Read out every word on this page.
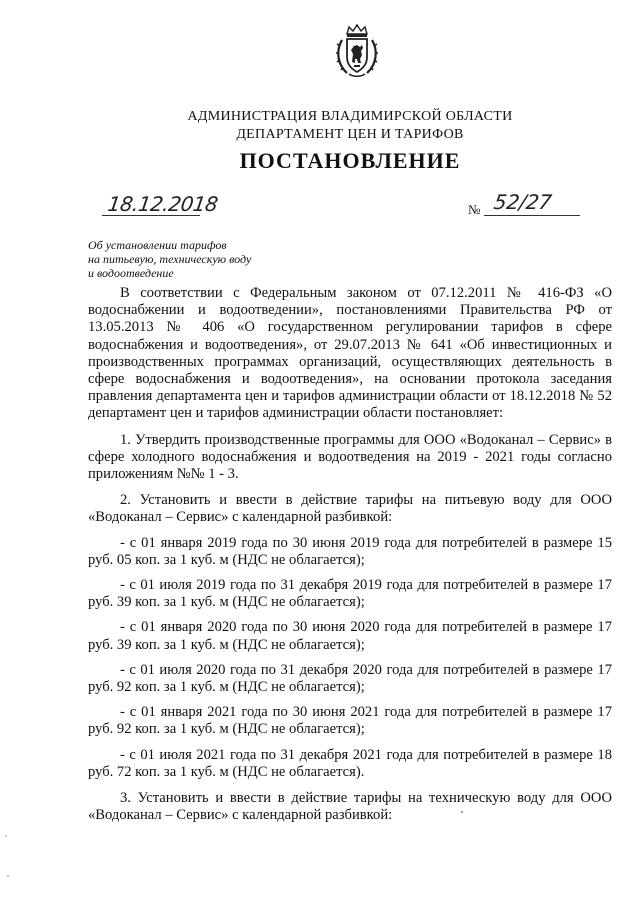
АДМИНИСТРАЦИЯ ВЛАДИМИРСКОЙ ОБЛАСТИ
ДЕПАРТАМЕНТ ЦЕН И ТАРИФОВ
ПОСТАНОВЛЕНИЕ
18.12.2018	№ 52/27
Об установлении тарифов
на питьевую, техническую воду
и водоотведение

В соответствии с Федеральным законом от 07.12.2011 № 416-ФЗ «О водоснабжении и водоотведении», постановлениями Правительства РФ от 13.05.2013 № 406 «О государственном регулировании тарифов в сфере водоснабжения и водоотведения», от 29.07.2013 № 641 «Об инвестиционных и производственных программах организаций, осуществляющих деятельность в сфере водоснабжения и водоотведения», на основании протокола заседания правления департамента цен и тарифов администрации области от 18.12.2018 № 52 департамент цен и тарифов администрации области постановляет:

1. Утвердить производственные программы для ООО «Водоканал – Сервис» в сфере холодного водоснабжения и водоотведения на 2019 - 2021 годы согласно приложениям №№ 1 - 3.

2. Установить и ввести в действие тарифы на питьевую воду для ООО «Водоканал – Сервис» с календарной разбивкой:

- с 01 января 2019 года по 30 июня 2019 года для потребителей в размере 15 руб. 05 коп. за 1 куб. м (НДС не облагается);

- с 01 июля 2019 года по 31 декабря 2019 года для потребителей в размере 17 руб. 39 коп. за 1 куб. м (НДС не облагается);

- с 01 января 2020 года по 30 июня 2020 года для потребителей в размере 17 руб. 39 коп. за 1 куб. м (НДС не облагается);

- с 01 июля 2020 года по 31 декабря 2020 года для потребителей в размере 17 руб. 92 коп. за 1 куб. м (НДС не облагается);

- с 01 января 2021 года по 30 июня 2021 года для потребителей в размере 17 руб. 92 коп. за 1 куб. м (НДС не облагается);

- с 01 июля 2021 года по 31 декабря 2021 года для потребителей в размере 18 руб. 72 коп. за 1 куб. м (НДС не облагается).

3. Установить и ввести в действие тарифы на техническую воду для ООО «Водоканал – Сервис» с календарной разбивкой:
